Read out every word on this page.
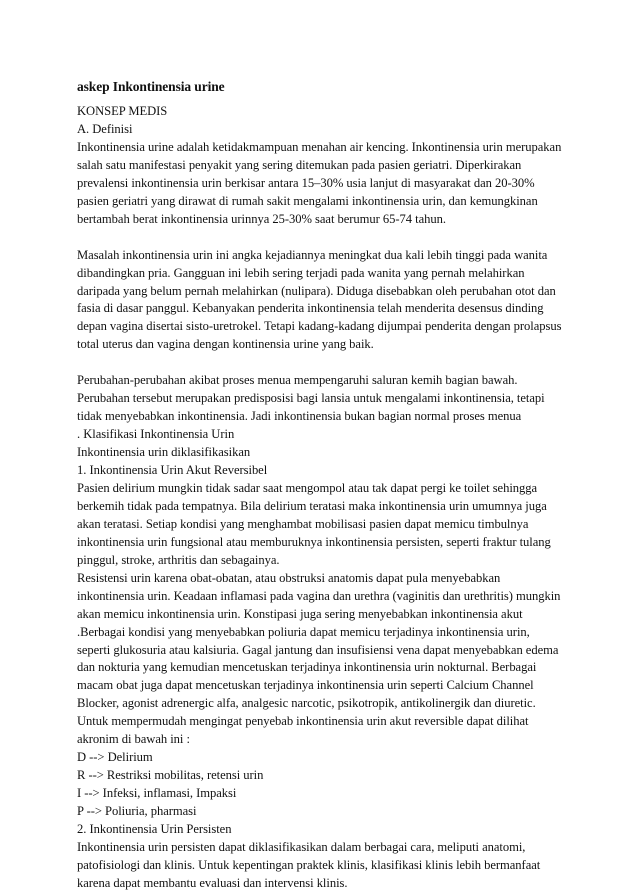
askep Inkontinensia urine
KONSEP MEDIS
A. Definisi
Inkontinensia urine adalah ketidakmampuan menahan air kencing. Inkontinensia urin merupakan
salah satu manifestasi penyakit yang sering ditemukan pada pasien geriatri. Diperkirakan
prevalensi inkontinensia urin berkisar antara 15–30% usia lanjut di masyarakat dan 20-30%
pasien geriatri yang dirawat di rumah sakit mengalami inkontinensia urin, dan kemungkinan
bertambah berat inkontinensia urinnya 25-30% saat berumur 65-74 tahun.
Masalah inkontinensia urin ini angka kejadiannya meningkat dua kali lebih tinggi pada wanita
dibandingkan pria. Gangguan ini lebih sering terjadi pada wanita yang pernah melahirkan
daripada yang belum pernah melahirkan (nulipara). Diduga disebabkan oleh perubahan otot dan
fasia di dasar panggul. Kebanyakan penderita inkontinensia telah menderita desensus dinding
depan vagina disertai sisto-uretrokel. Tetapi kadang-kadang dijumpai penderita dengan prolapsus
total uterus dan vagina dengan kontinensia urine yang baik.
Perubahan-perubahan akibat proses menua mempengaruhi saluran kemih bagian bawah.
Perubahan tersebut merupakan predisposisi bagi lansia untuk mengalami inkontinensia, tetapi
tidak menyebabkan inkontinensia. Jadi inkontinensia bukan bagian normal proses menua
. Klasifikasi Inkontinensia Urin
Inkontinensia urin diklasifikasikan
1. Inkontinensia Urin Akut Reversibel
Pasien delirium mungkin tidak sadar saat mengompol atau tak dapat pergi ke toilet sehingga
berkemih tidak pada tempatnya. Bila delirium teratasi maka inkontinensia urin umumnya juga
akan teratasi. Setiap kondisi yang menghambat mobilisasi pasien dapat memicu timbulnya
inkontinensia urin fungsional atau memburuknya inkontinensia persisten, seperti fraktur tulang
pinggul, stroke, arthritis dan sebagainya.
Resistensi urin karena obat-obatan, atau obstruksi anatomis dapat pula menyebabkan
inkontinensia urin. Keadaan inflamasi pada vagina dan urethra (vaginitis dan urethritis) mungkin
akan memicu inkontinensia urin. Konstipasi juga sering menyebabkan inkontinensia akut
.Berbagai kondisi yang menyebabkan poliuria dapat memicu terjadinya inkontinensia urin,
seperti glukosuria atau kalsiuria. Gagal jantung dan insufisiensi vena dapat menyebabkan edema
dan nokturia yang kemudian mencetuskan terjadinya inkontinensia urin nokturnal. Berbagai
macam obat juga dapat mencetuskan terjadinya inkontinensia urin seperti Calcium Channel
Blocker, agonist adrenergic alfa, analgesic narcotic, psikotropik, antikolinergik dan diuretic.
Untuk mempermudah mengingat penyebab inkontinensia urin akut reversible dapat dilihat
akronim di bawah ini :
D --> Delirium
R --> Restriksi mobilitas, retensi urin
I --> Infeksi, inflamasi, Impaksi
P --> Poliuria, pharmasi
2. Inkontinensia Urin Persisten
Inkontinensia urin persisten dapat diklasifikasikan dalam berbagai cara, meliputi anatomi,
patofisiologi dan klinis. Untuk kepentingan praktek klinis, klasifikasi klinis lebih bermanfaat
karena dapat membantu evaluasi dan intervensi klinis.
